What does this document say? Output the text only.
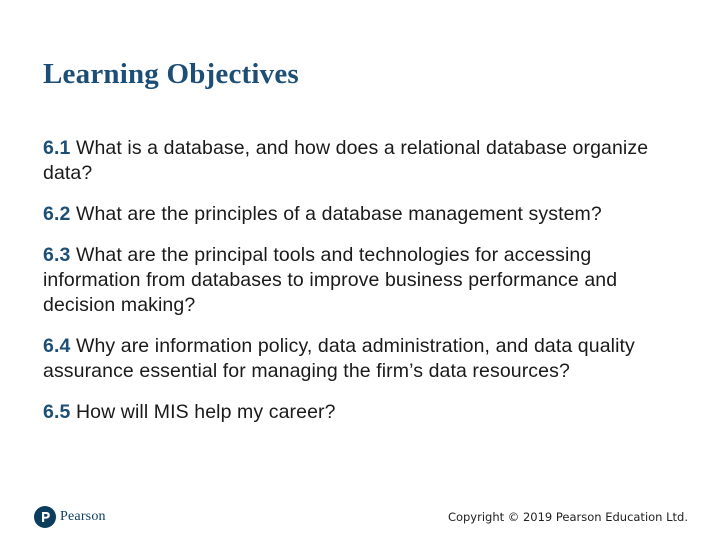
Learning Objectives
6.1 What is a database, and how does a relational database organize data?
6.2 What are the principles of a database management system?
6.3 What are the principal tools and technologies for accessing information from databases to improve business performance and decision making?
6.4 Why are information policy, data administration, and data quality assurance essential for managing the firm’s data resources?
6.5 How will MIS help my career?
Pearson	Copyright © 2019 Pearson Education Ltd.
